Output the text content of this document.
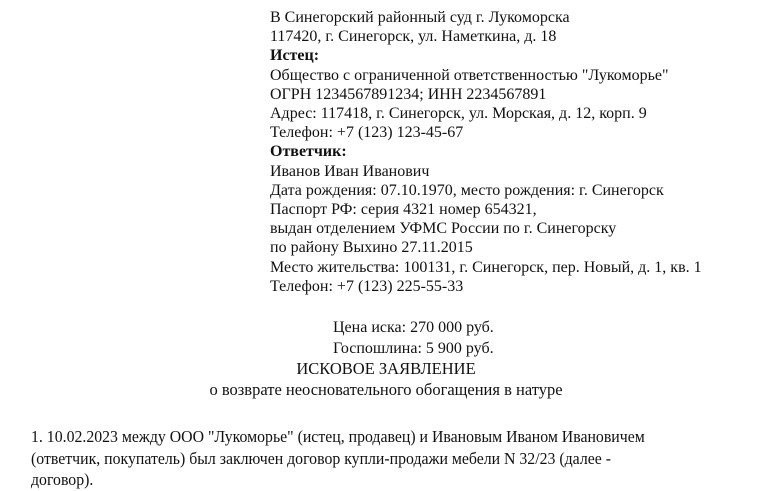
В Синегорский районный суд г. Лукоморска
117420, г. Синегорск, ул. Наметкина, д. 18
Истец:
Общество с ограниченной ответственностью "Лукоморье"
ОГРН 1234567891234; ИНН 2234567891
Адрес: 117418, г. Синегорск, ул. Морская, д. 12, корп. 9
Телефон: +7 (123) 123-45-67
Ответчик:
Иванов Иван Иванович
Дата рождения: 07.10.1970, место рождения: г. Синегорск
Паспорт РФ: серия 4321 номер 654321,
выдан отделением УФМС России по г. Синегорску
по району Выхино 27.11.2015
Место жительства: 100131, г. Синегорск, пер. Новый, д. 1, кв. 1
Телефон: +7 (123) 225-55-33
Цена иска: 270 000 руб.
Госпошлина: 5 900 руб.
ИСКОВОЕ ЗАЯВЛЕНИЕ
о возврате неосновательного обогащения в натуре
1. 10.02.2023 между ООО "Лукоморье" (истец, продавец) и Ивановым Иваном Ивановичем
(ответчик, покупатель) был заключен договор купли-продажи мебели N 32/23 (далее -
договор).
